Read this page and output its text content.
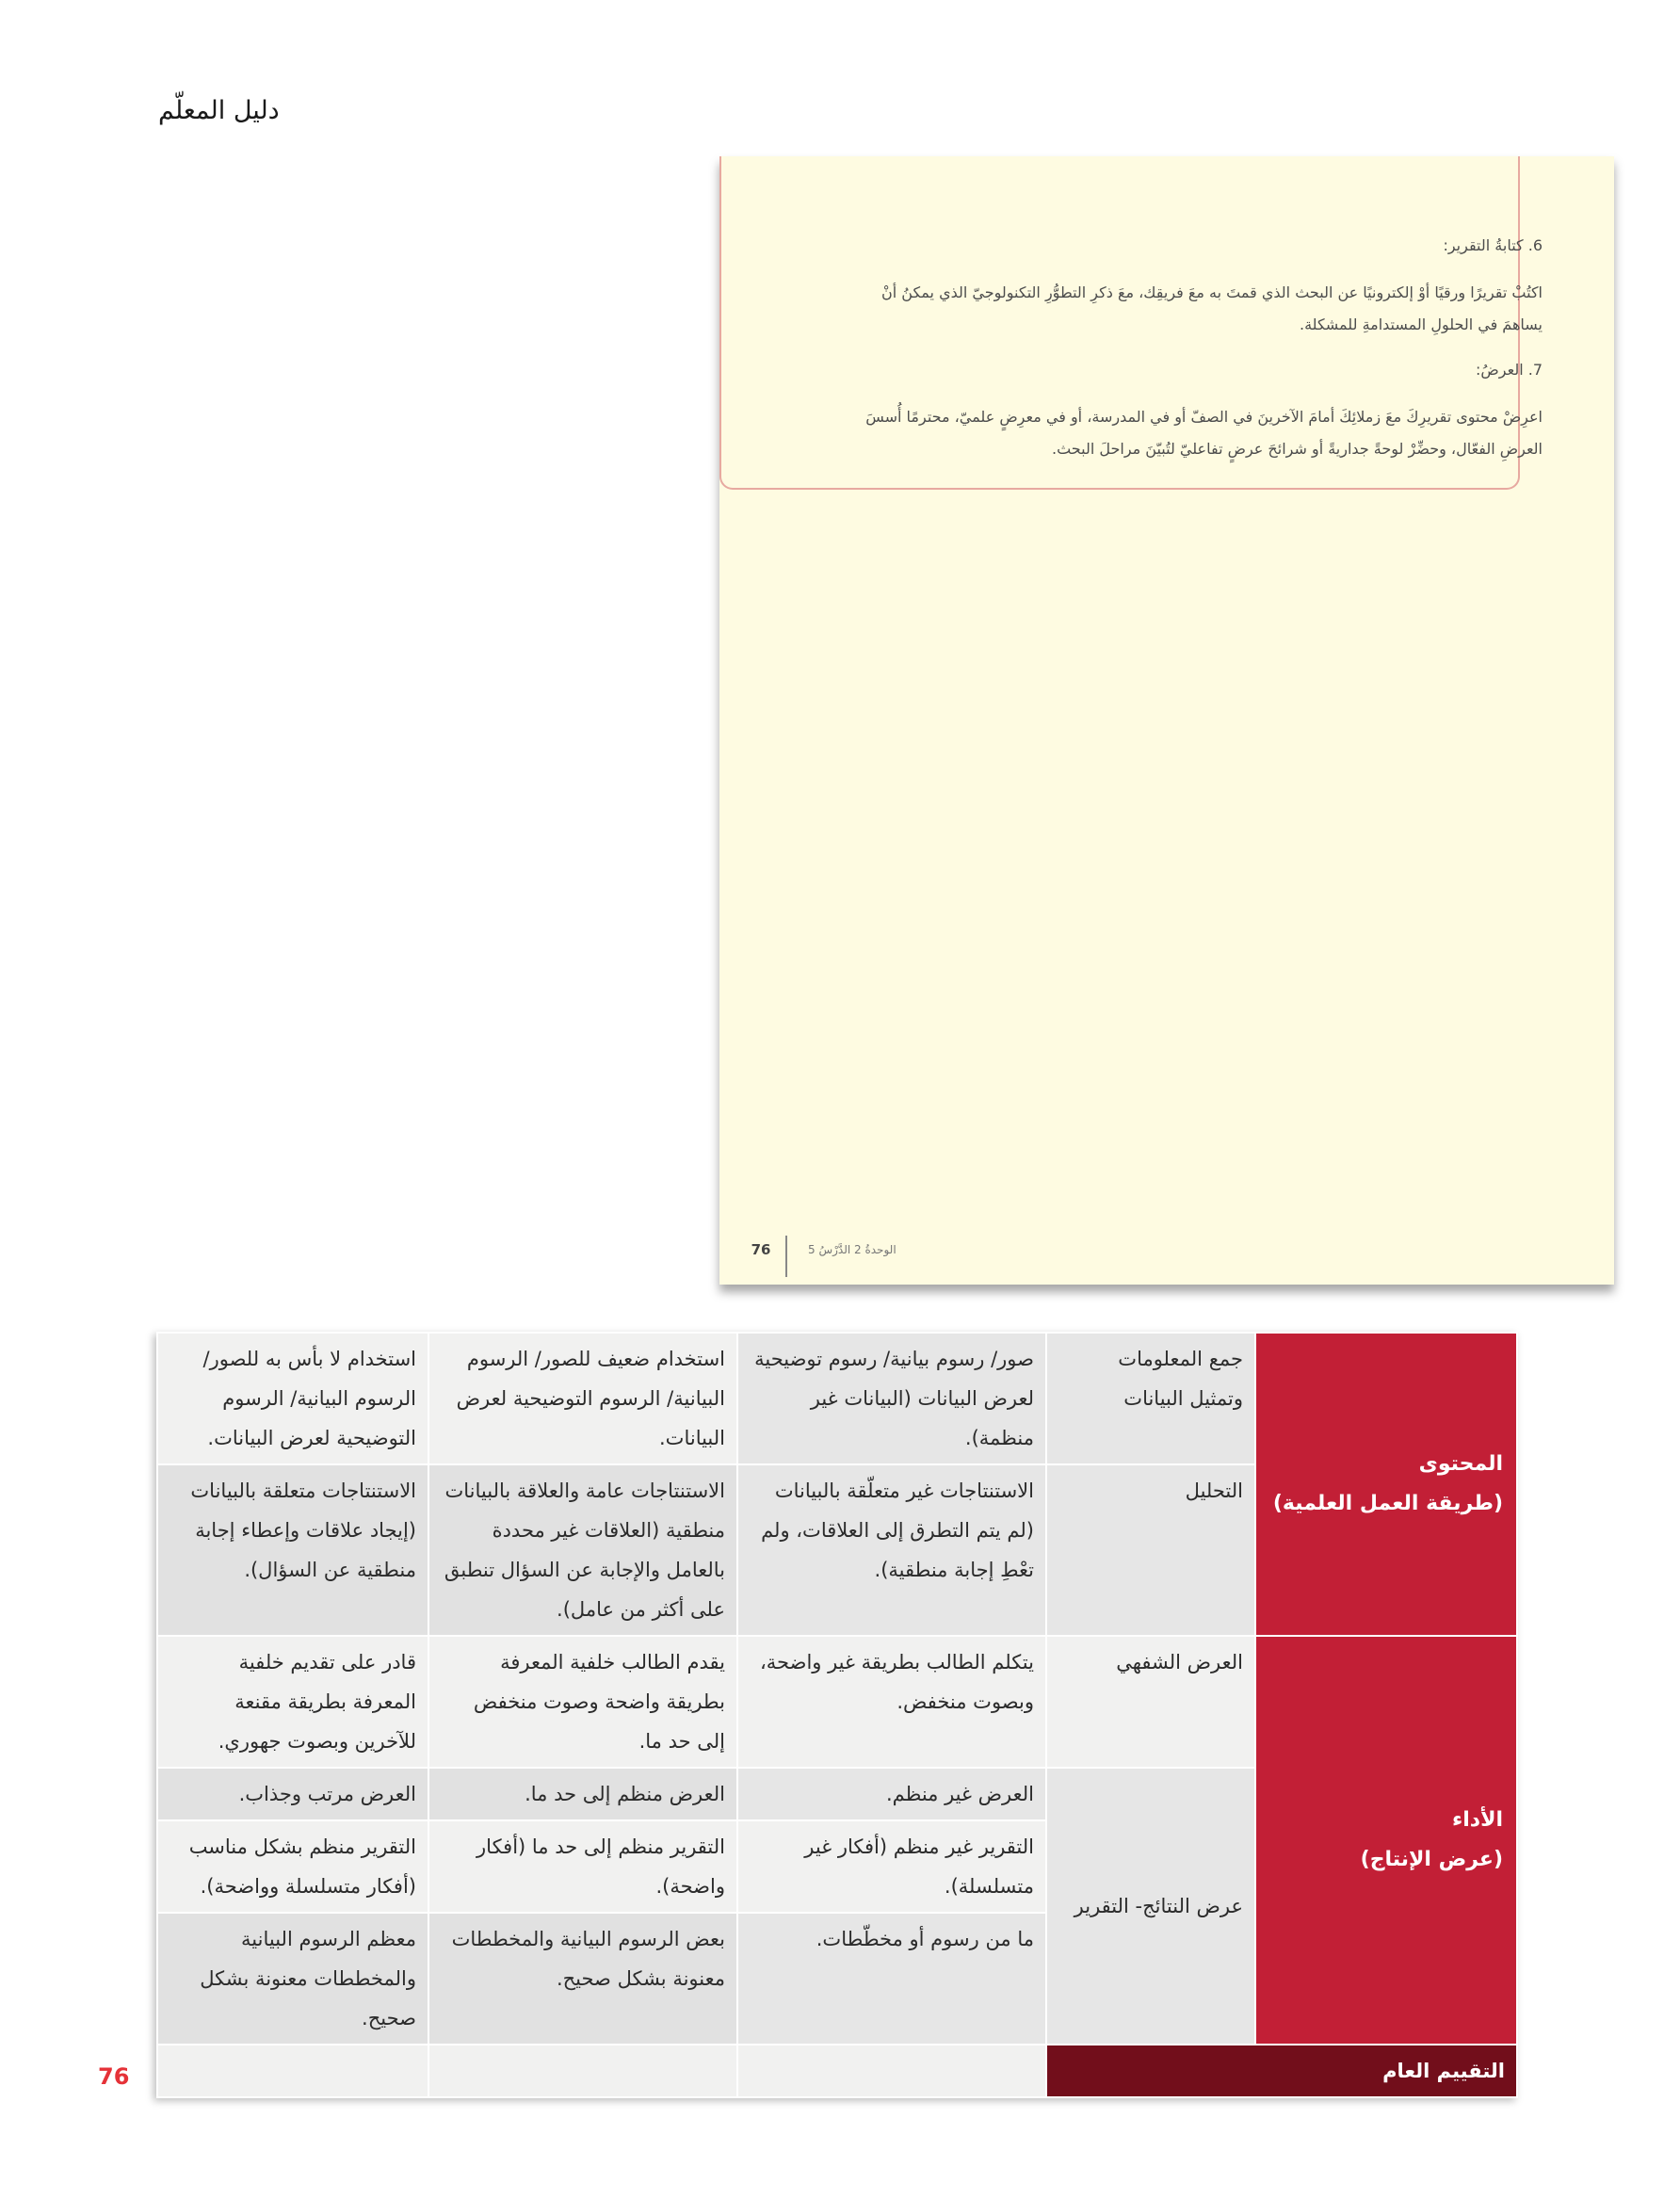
دليل المعلّم
6. كتابةُ التقرير:
اكتُبْ تقريرًا ورقيًا أوْ إلكترونيًا عن البحث الذي قمتَ به معَ فريقِك، معَ ذكرِ التطوُّرِ التكنولوجيّ الذي يمكنُ أنْ يساهمَ في الحلولِ المستدامةِ للمشكلة.
7. العرضُ:
اعرِضْ محتوى تقريرِكَ معَ زملائِكَ أمامَ الآخرينَ في الصفّ أو في المدرسة، أو في معرِضٍ علميّ، محترمًا أُسسَ العرضِ الفعّال، وحضِّرْ لوحةً جداريةً أو شرائحَ عرضٍ تفاعليّ لتُبيّنَ مراحلَ البحث.
76	الوحدةُ 2 الدَّرْسُ 5
المحتوى
(طريقة العمل العلمية)	جمع المعلومات وتمثيل البيانات	صور/ رسوم بيانية/ رسوم توضيحية لعرض البيانات (البيانات غير منظمة).	استخدام ضعيف للصور/ الرسوم البيانية/ الرسوم التوضيحية لعرض البيانات.	استخدام لا بأس به للصور/ الرسوم البيانية/ الرسوم التوضيحية لعرض البيانات.
	التحليل	الاستنتاجات غير متعلّقة بالبيانات (لم يتم التطرق إلى العلاقات، ولم تعْطِ إجابة منطقية).	الاستنتاجات عامة والعلاقة بالبيانات منطقية (العلاقات غير محددة بالعامل والإجابة عن السؤال تنطبق على أكثر من عامل).	الاستنتاجات متعلقة بالبيانات (إيجاد علاقات وإعطاء إجابة منطقية عن السؤال).
الأداء
(عرض الإنتاج)	العرض الشفهي	يتكلم الطالب بطريقة غير واضحة، وبصوت منخفض.	يقدم الطالب خلفية المعرفة بطريقة واضحة وصوت منخفض إلى حد ما.	قادر على تقديم خلفية المعرفة بطريقة مقنعة للآخرين وبصوت جهوري.
	عرض النتائج- التقرير	العرض غير منظم.	العرض منظم إلى حد ما.	العرض مرتب وجذاب.
		التقرير غير منظم (أفكار غير متسلسلة).	التقرير منظم إلى حد ما (أفكار واضحة).	التقرير منظم بشكل مناسب (أفكار متسلسلة وواضحة).
		ما من رسوم أو مخطّطات.	بعض الرسوم البيانية والمخططات معنونة بشكل صحيح.	معظم الرسوم البيانية والمخططات معنونة بشكل صحيح.
التقييم العام				
76
